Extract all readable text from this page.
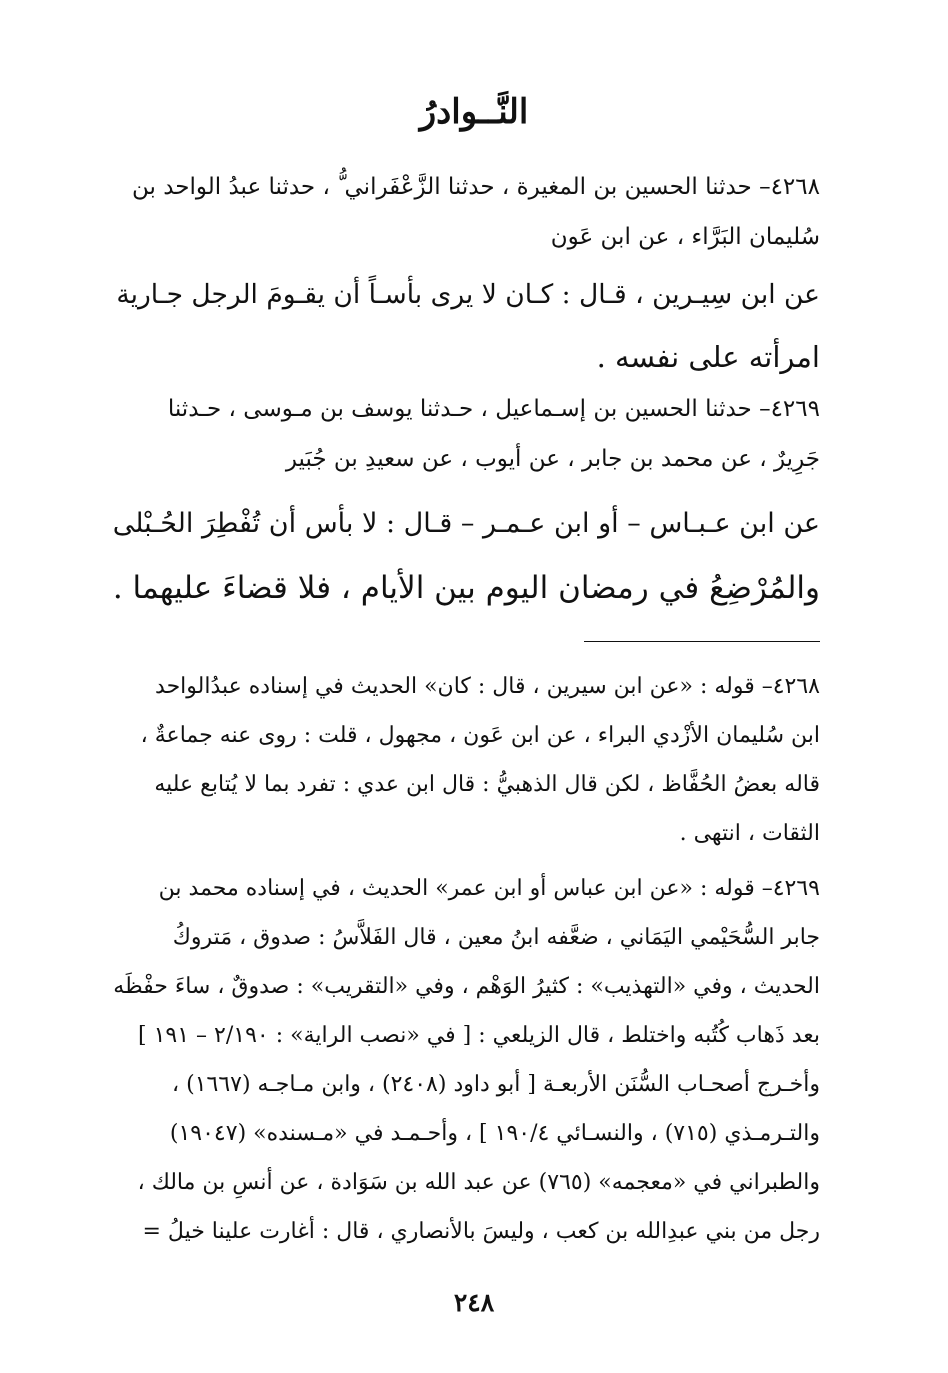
النَّــوادرُ
٤٢٦٨– حدثنا الحسين بن المغيرة ، حدثنا الزَّعْفَراني ُّ ، حدثنا عبدُ الواحد بن
سُليمان البَرَّاء ، عن ابن عَون
عن ابن سِيـرين ، قـال : كـان لا يرى بأسـاً أن يقـومَ الرجل جـارية
امرأته على نفسه .
٤٢٦٩– حدثنا الحسين بن إسـماعيل ، حـدثنا يوسف بن مـوسى ، حـدثنا
جَرِيرٌ ، عن محمد بن جابر ، عن أيوب ، عن سعيدِ بن جُبَير
عن ابن عـبـاس – أو ابن عـمـر – قـال : لا بأس أن تُفْطِرَ الحُـبْلى
والمُرْضِعُ في رمضان اليوم بين الأيام ، فلا قضاءَ عليهما .
٤٢٦٨– قوله : «عن ابن سيرين ، قال : كان» الحديث في إسناده عبدُالواحد
ابن سُليمان الأزْدي البراء ، عن ابن عَون ، مجهول ، قلت : روى عنه جماعةٌ ،
قاله بعضُ الحُفَّاظ ، لكن قال الذهبيُّ : قال ابن عدي : تفرد بما لا يُتابع عليه
الثقات ، انتهى .
٤٢٦٩– قوله : «عن ابن عباس أو ابن عمر» الحديث ، في إسناده محمد بن
جابر السُّحَيْمي اليَمَاني ، ضعَّفه ابنُ معين ، قال الفَلاَّسُ : صدوق ، مَتروكُ
الحديث ، وفي «التهذيب» : كثيرُ الوَهْم ، وفي «التقريب» : صدوقٌ ، ساءَ حفْظَه
بعد ذَهاب كُتُبه واختلط ، قال الزيلعي : [ في «نصب الراية» : ٢/١٩٠ – ١٩١ ]
وأخـرج أصحـاب السُّنَن الأربعـة [ أبو داود (٢٤٠٨) ، وابن مـاجـه (١٦٦٧) ،
والتـرمـذي (٧١٥) ، والنسـائي ١٩٠/٤ ] ، وأحـمـد في «مـسنده» (١٩٠٤٧)
والطبراني في «معجمه» (٧٦٥) عن عبد الله بن سَوَادة ، عن أنسِ بن مالك ،
رجل من بني عبدِالله بن كعب ، وليسَ بالأنصاري ، قال : أغارت علينا خيلُ =
٢٤٨
